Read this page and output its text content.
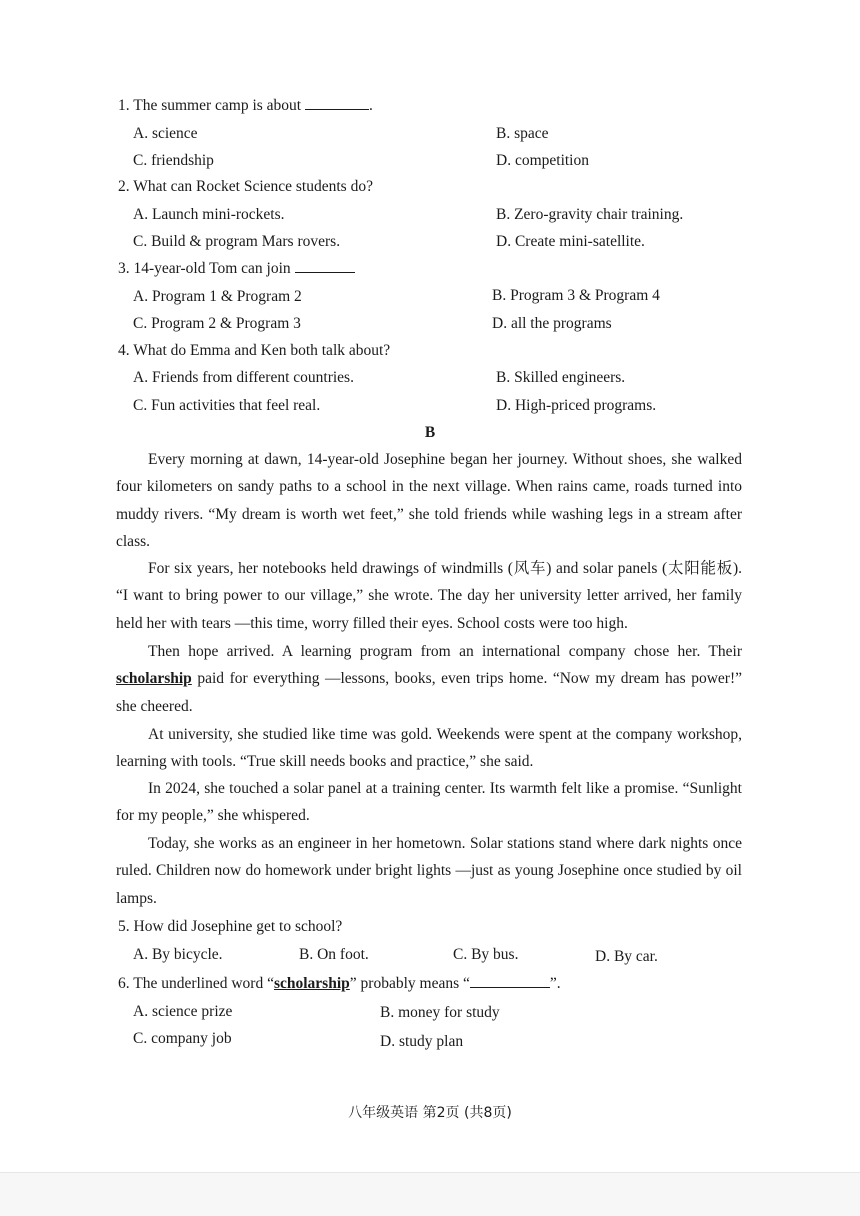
1. The summer camp is about	.
A. science	B. space
C. friendship	D. competition
2. What can Rocket Science students do?
A. Launch mini-rockets.	B. Zero-gravity chair training.
C. Build & program Mars rovers.	D. Create mini-satellite.
3. 14-year-old Tom can join
A. Program 1 & Program 2	B. Program 3 & Program 4
C. Program 2 & Program 3	D. all the programs
4. What do Emma and Ken both talk about?
A. Friends from different countries.	B. Skilled engineers.
C. Fun activities that feel real.	D. High-priced programs.
B
Every morning at dawn, 14-year-old Josephine began her journey. Without shoes, she walked four kilometers on sandy paths to a school in the next village. When rains came, roads turned into muddy rivers. “My dream is worth wet feet,” she told friends while washing legs in a stream after class.
For six years, her notebooks held drawings of windmills (风车) and solar panels (太阳能板). “I want to bring power to our village,” she wrote. The day her university letter arrived, her family held her with tears —this time, worry filled their eyes. School costs were too high.
Then hope arrived. A learning program from an international company chose her. Their scholarship paid for everything —lessons, books, even trips home. “Now my dream has power!” she cheered.
At university, she studied like time was gold. Weekends were spent at the company workshop, learning with tools. “True skill needs books and practice,” she said.
In 2024, she touched a solar panel at a training center. Its warmth felt like a promise. “Sunlight for my people,” she whispered.
Today, she works as an engineer in her hometown. Solar stations stand where dark nights once ruled. Children now do homework under bright lights —just as young Josephine once studied by oil lamps.
5. How did Josephine get to school?
A. By bicycle.	B. On foot.	C. By bus.	D. By car.
6. The underlined word “scholarship” probably means “	”.
A. science prize	B. money for study
C. company job	D. study plan
八年级英语 第2页 (共8页)
